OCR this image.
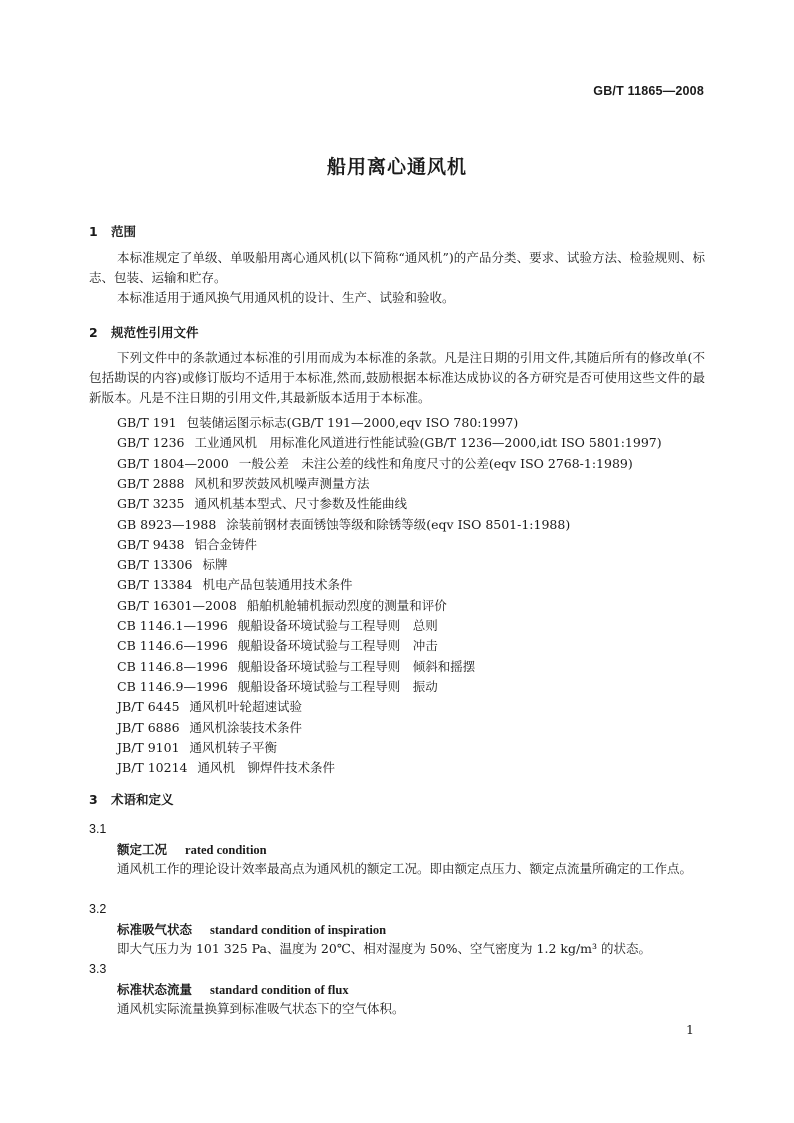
GB/T 11865—2008
船用离心通风机
1 范围
本标准规定了单级、单吸船用离心通风机(以下简称“通风机”)的产品分类、要求、试验方法、检验规则、标志、包装、运输和贮存。
本标准适用于通风换气用通风机的设计、生产、试验和验收。
2 规范性引用文件
下列文件中的条款通过本标准的引用而成为本标准的条款。凡是注日期的引用文件,其随后所有的修改单(不包括勘误的内容)或修订版均不适用于本标准,然而,鼓励根据本标准达成协议的各方研究是否可使用这些文件的最新版本。凡是不注日期的引用文件,其最新版本适用于本标准。
GB/T 191 包装储运图示标志(GB/T 191—2000,eqv ISO 780:1997)
GB/T 1236 工业通风机　用标准化风道进行性能试验(GB/T 1236—2000,idt ISO 5801:1997)
GB/T 1804—2000 一般公差　未注公差的线性和角度尺寸的公差(eqv ISO 2768-1:1989)
GB/T 2888 风机和罗茨鼓风机噪声测量方法
GB/T 3235 通风机基本型式、尺寸参数及性能曲线
GB 8923—1988 涂装前钢材表面锈蚀等级和除锈等级(eqv ISO 8501-1:1988)
GB/T 9438 铝合金铸件
GB/T 13306 标牌
GB/T 13384 机电产品包装通用技术条件
GB/T 16301—2008 船舶机舱辅机振动烈度的测量和评价
CB 1146.1—1996 舰船设备环境试验与工程导则　总则
CB 1146.6—1996 舰船设备环境试验与工程导则　冲击
CB 1146.8—1996 舰船设备环境试验与工程导则　倾斜和摇摆
CB 1146.9—1996 舰船设备环境试验与工程导则　振动
JB/T 6445 通风机叶轮超速试验
JB/T 6886 通风机涂装技术条件
JB/T 9101 通风机转子平衡
JB/T 10214 通风机　铆焊件技术条件
3 术语和定义
3.1
额定工况 rated condition
通风机工作的理论设计效率最高点为通风机的额定工况。即由额定点压力、额定点流量所确定的工作点。
3.2
标准吸气状态 standard condition of inspiration
即大气压力为 101 325 Pa、温度为 20℃、相对湿度为 50%、空气密度为 1.2 kg/m³ 的状态。
3.3
标准状态流量 standard condition of flux
通风机实际流量换算到标准吸气状态下的空气体积。
1
